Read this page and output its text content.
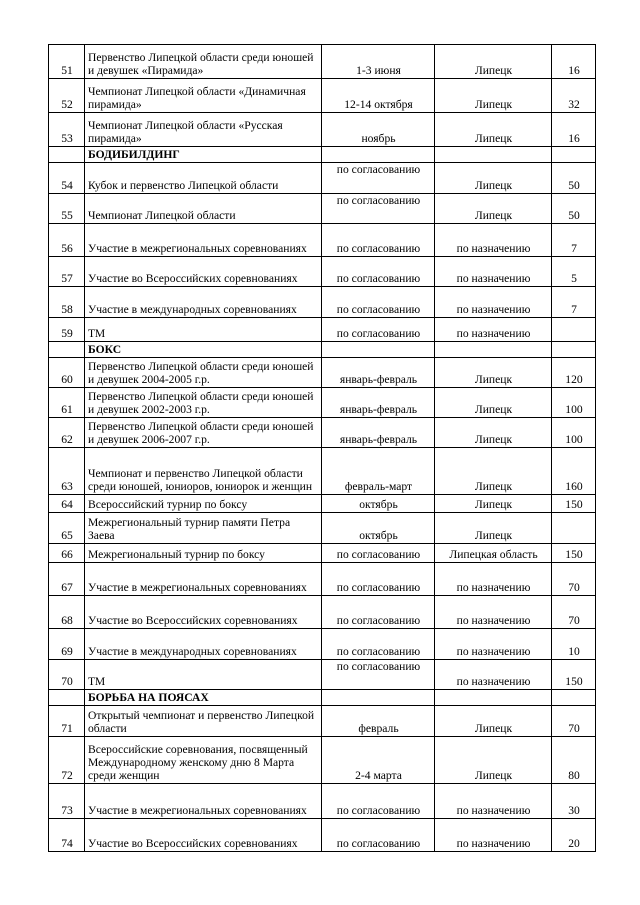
51	Первенство Липецкой области среди юношей и девушек «Пирамида»	1-3 июня	Липецк	16
52	Чемпионат Липецкой области «Динамичная пирамида»	12-14 октября	Липецк	32
53	Чемпионат Липецкой области «Русская пирамида»	ноябрь	Липецк	16
	БОДИБИЛДИНГ			
54	Кубок и первенство Липецкой области	по согласованию	Липецк	50
55	Чемпионат Липецкой области	по согласованию	Липецк	50
56	Участие в межрегиональных соревнованиях	по согласованию	по назначению	7
57	Участие во Всероссийских соревнованиях	по согласованию	по назначению	5
58	Участие в международных соревнованиях	по согласованию	по назначению	7
59	ТМ	по согласованию	по назначению	
	БОКС			
60	Первенство Липецкой области среди юношей и девушек 2004-2005 г.р.	январь-февраль	Липецк	120
61	Первенство Липецкой области среди юношей и девушек 2002-2003 г.р.	январь-февраль	Липецк	100
62	Первенство Липецкой области среди юношей и девушек 2006-2007 г.р.	январь-февраль	Липецк	100
63	Чемпионат и первенство Липецкой области среди юношей, юниоров, юниорок и женщин	февраль-март	Липецк	160
64	Всероссийский турнир по боксу	октябрь	Липецк	150
65	Межрегиональный турнир памяти Петра Заева	октябрь	Липецк	
66	Межрегиональный турнир по боксу	по согласованию	Липецкая область	150
67	Участие в межрегиональных соревнованиях	по согласованию	по назначению	70
68	Участие во Всероссийских соревнованиях	по согласованию	по назначению	70
69	Участие в международных соревнованиях	по согласованию	по назначению	10
70	ТМ	по согласованию	по назначению	150
	БОРЬБА НА ПОЯСАХ			
71	Открытый чемпионат и первенство Липецкой области	февраль	Липецк	70
72	Всероссийские соревнования, посвященный Международному женскому дню 8 Марта среди женщин	2-4 марта	Липецк	80
73	Участие в межрегиональных соревнованиях	по согласованию	по назначению	30
74	Участие во Всероссийских соревнованиях	по согласованию	по назначению	20
